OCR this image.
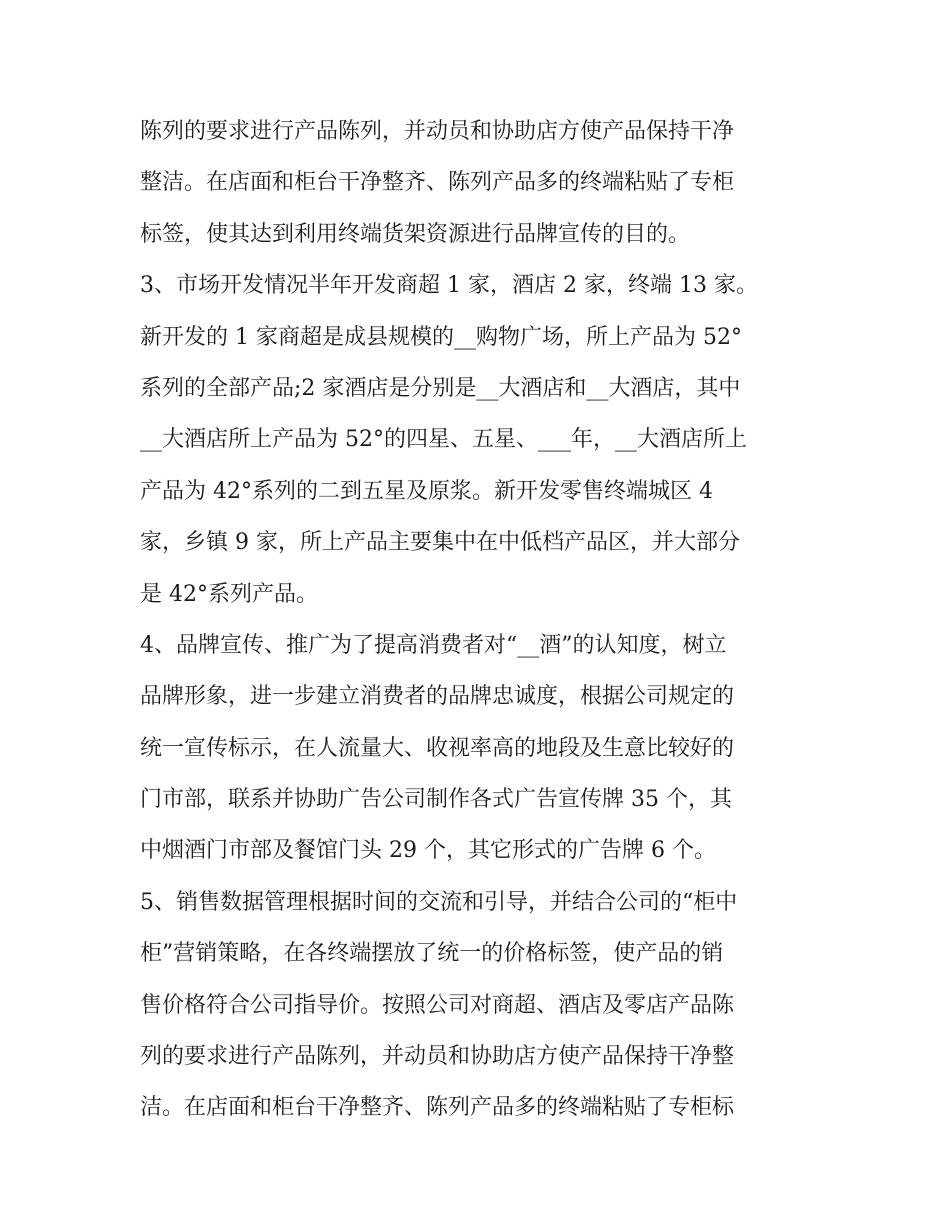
陈列的要求进行产品陈列，并动员和协助店方使产品保持干净
整洁。在店面和柜台干净整齐、陈列产品多的终端粘贴了专柜
标签，使其达到利用终端货架资源进行品牌宣传的目的。
3、市场开发情况半年开发商超 1 家，酒店 2 家，终端 13 家。
新开发的 1 家商超是成县规模的__购物广场，所上产品为 52°
系列的全部产品;2 家酒店是分别是__大酒店和__大酒店，其中
__大酒店所上产品为 52°的四星、五星、___年，__大酒店所上
产品为 42°系列的二到五星及原浆。新开发零售终端城区 4
家，乡镇 9 家，所上产品主要集中在中低档产品区，并大部分
是 42°系列产品。
4、品牌宣传、推广为了提高消费者对“__酒”的认知度，树立
品牌形象，进一步建立消费者的品牌忠诚度，根据公司规定的
统一宣传标示，在人流量大、收视率高的地段及生意比较好的
门市部，联系并协助广告公司制作各式广告宣传牌 35 个，其
中烟酒门市部及餐馆门头 29 个，其它形式的广告牌 6 个。
5、销售数据管理根据时间的交流和引导，并结合公司的“柜中
柜”营销策略，在各终端摆放了统一的价格标签，使产品的销
售价格符合公司指导价。按照公司对商超、酒店及零店产品陈
列的要求进行产品陈列，并动员和协助店方使产品保持干净整
洁。在店面和柜台干净整齐、陈列产品多的终端粘贴了专柜标
